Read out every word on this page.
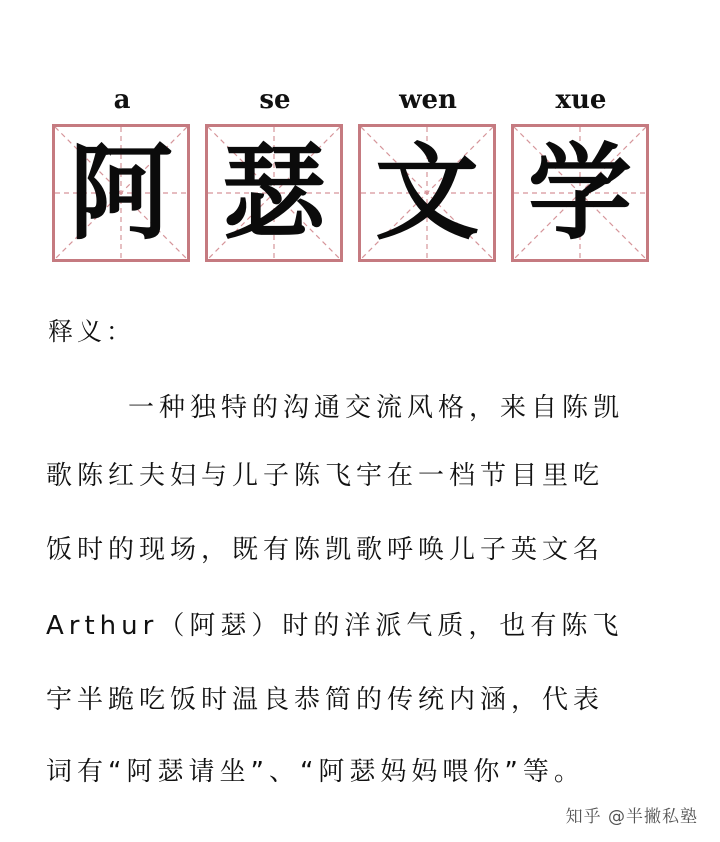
a	se	wen	xue
阿 瑟 文 学
释义：
一种独特的沟通交流风格，来自陈凯
歌陈红夫妇与儿子陈飞宇在一档节目里吃
饭时的现场，既有陈凯歌呼唤儿子英文名
Arthur（阿瑟）时的洋派气质，也有陈飞
宇半跪吃饭时温良恭简的传统内涵，代表
词有“阿瑟请坐”、“阿瑟妈妈喂你”等。
知乎 @半撇私塾
